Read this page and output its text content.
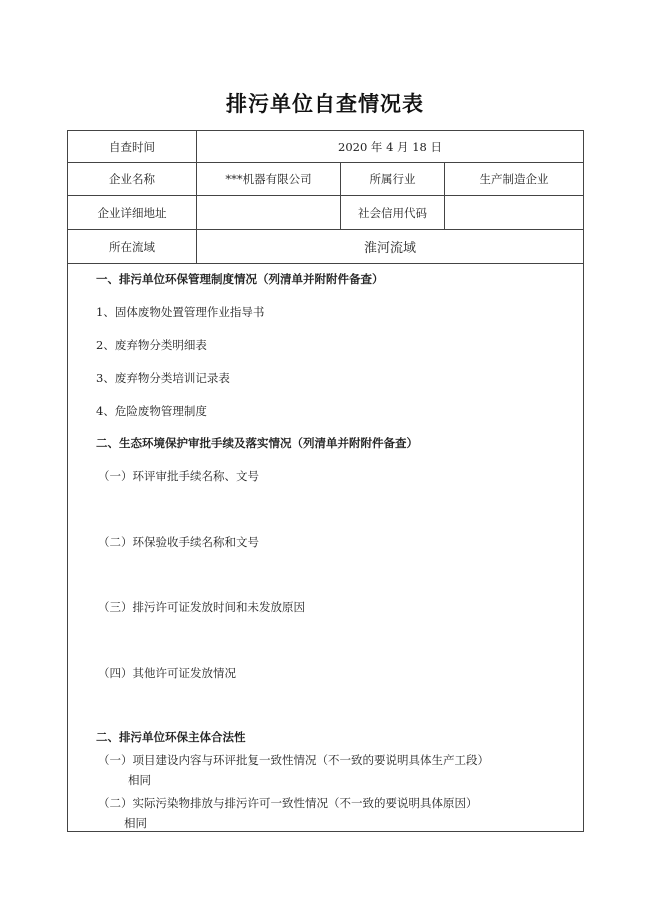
排污单位自查情况表
自查时间	2020 年 4 月 18 日		
企业名称	***机器有限公司	所属行业	生产制造企业
企业详细地址		社会信用代码	
所在流域	淮河流域		
一、排污单位环保管理制度情况（列清单并附附件备查）
1、固体废物处置管理作业指导书
2、废弃物分类明细表
3、废弃物分类培训记录表
4、危险废物管理制度
二、生态环境保护审批手续及落实情况（列清单并附附件备查）
（一）环评审批手续名称、文号
（二）环保验收手续名称和文号
（三）排污许可证发放时间和未发放原因
（四）其他许可证发放情况
二、排污单位环保主体合法性
（一）项目建设内容与环评批复一致性情况（不一致的要说明具体生产工段）
相同
（二）实际污染物排放与排污许可一致性情况（不一致的要说明具体原因）
相同
